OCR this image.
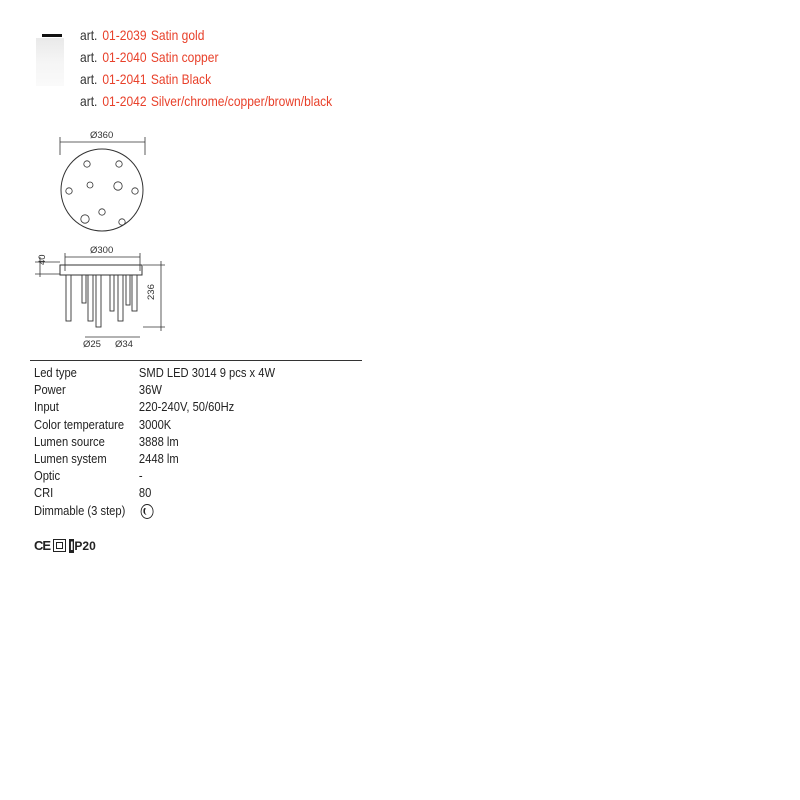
art. 01-2039 Satin gold
art. 01-2040 Satin copper
art. 01-2041 Satin Black
art. 01-2042 Silver/chrome/copper/brown/black
Ø360
Ø300
40
236
Ø25 Ø34
Led type	SMD LED 3014 9 pcs x 4W
Power	36W
Input	220-240V, 50/60Hz
Color temperature	3000K
Lumen source	3888 lm
Lumen system	2448 lm
Optic	-
CRI	80
Dimmable (3 step)
CE IP20
